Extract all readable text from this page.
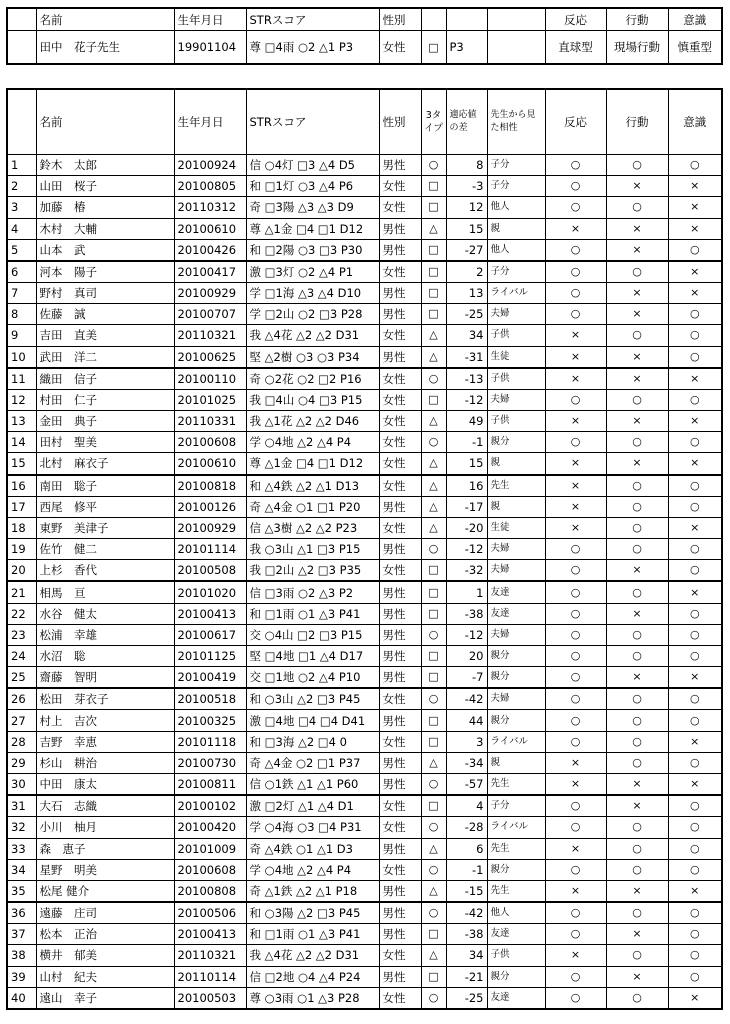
	名前	生年月日	STRスコア	性別				反応	行動	意識
	田中　花子先生	19901104	尊 □4雨 ○2 △1 P3	女性	□	P3		直球型	現場行動	慎重型
	名前	生年月日	STRスコア	性別	3タイプ	適応値の差	先生から見た相性	反応	行動	意識
1	鈴木　太郎	20100924	信 ○4灯 □3 △4 D5	男性	○	8	子分	○	○	○
2	山田　桜子	20100805	和 □1灯 ○3 △4 P6	女性	□	-3	子分	○	×	×
3	加藤　椿	20110312	奇 □3陽 △3 △3 D9	女性	□	12	他人	○	○	×
4	木村　大輔	20100610	尊 △1金 □4 □1 D12	男性	△	15	親	×	×	×
5	山本　武	20100426	和 □2陽 ○3 □3 P30	男性	□	-27	他人	○	×	○
6	河本　陽子	20100417	激 □3灯 ○2 △4 P1	女性	□	2	子分	○	○	×
7	野村　真司	20100929	学 □1海 △3 △4 D10	男性	□	13	ライバル	○	×	×
8	佐藤　誠	20100707	学 □2山 ○2 □3 P28	男性	□	-25	夫婦	○	×	○
9	吉田　直美	20110321	我 △4花 △2 △2 D31	女性	△	34	子供	×	○	○
10	武田　洋二	20100625	堅 △2樹 ○3 ○3 P34	男性	△	-31	生徒	×	×	○
11	織田　信子	20100110	奇 ○2花 ○2 □2 P16	女性	○	-13	子供	×	×	×
12	村田　仁子	20101025	我 □4山 ○4 □3 P15	女性	□	-12	夫婦	○	○	○
13	金田　典子	20110331	我 △1花 △2 △2 D46	女性	△	49	子供	×	×	×
14	田村　聖美	20100608	学 ○4地 △2 △4 P4	女性	○	-1	親分	○	○	○
15	北村　麻衣子	20100610	尊 △1金 □4 □1 D12	女性	△	15	親	×	×	×
16	南田　聡子	20100818	和 △4鉄 △2 △1 D13	女性	△	16	先生	×	○	○
17	西尾　修平	20100126	奇 △4金 ○1 □1 P20	男性	△	-17	親	×	○	○
18	東野　美津子	20100929	信 △3樹 △2 △2 P23	女性	△	-20	生徒	×	○	×
19	佐竹　健二	20101114	我 ○3山 △1 □3 P15	男性	○	-12	夫婦	○	○	○
20	上杉　香代	20100508	我 □2山 △2 □3 P35	女性	□	-32	夫婦	○	×	○
21	相馬　亘	20101020	信 □3雨 ○2 △3 P2	男性	□	1	友達	○	○	×
22	水谷　健太	20100413	和 □1雨 ○1 △3 P41	男性	□	-38	友達	○	×	○
23	松浦　幸雄	20100617	交 ○4山 □2 □3 P15	男性	○	-12	夫婦	○	○	○
24	水沼　聡	20101125	堅 □4地 □1 △4 D17	男性	□	20	親分	○	○	○
25	齋藤　智明	20100419	交 □1地 ○2 △4 P10	男性	□	-7	親分	○	×	×
26	松田　芽衣子	20100518	和 ○3山 △2 □3 P45	女性	○	-42	夫婦	○	○	○
27	村上　吉次	20100325	激 □4地 □4 □4 D41	男性	□	44	親分	○	○	○
28	吉野　幸恵	20101118	和 □3海 △2 □4 0	女性	□	3	ライバル	○	○	×
29	杉山　耕治	20100730	奇 △4金 ○2 □1 P37	男性	△	-34	親	×	○	○
30	中田　康太	20100811	信 ○1鉄 △1 △1 P60	男性	○	-57	先生	×	×	×
31	大石　志織	20100102	激 □2灯 △1 △4 D1	女性	□	4	子分	○	×	○
32	小川　柚月	20100420	学 ○4海 ○3 □4 P31	女性	○	-28	ライバル	○	○	○
33	森　恵子	20101009	奇 △4鉄 ○1 △1 D3	男性	△	6	先生	×	○	○
34	星野　明美	20100608	学 ○4地 △2 △4 P4	女性	○	-1	親分	○	○	○
35	松尾 健介	20100808	奇 △1鉄 △2 △1 P18	男性	△	-15	先生	×	×	×
36	遠藤　庄司	20100506	和 ○3陽 △2 □3 P45	男性	○	-42	他人	○	○	○
37	松本　正治	20100413	和 □1雨 ○1 △3 P41	男性	□	-38	友達	○	×	○
38	横井　郁美	20110321	我 △4花 △2 △2 D31	女性	△	34	子供	×	○	○
39	山村　紀夫	20110114	信 □2地 ○4 △4 P24	男性	□	-21	親分	○	×	○
40	遠山　幸子	20100503	尊 ○3雨 ○1 △3 P28	女性	○	-25	友達	○	○	×
